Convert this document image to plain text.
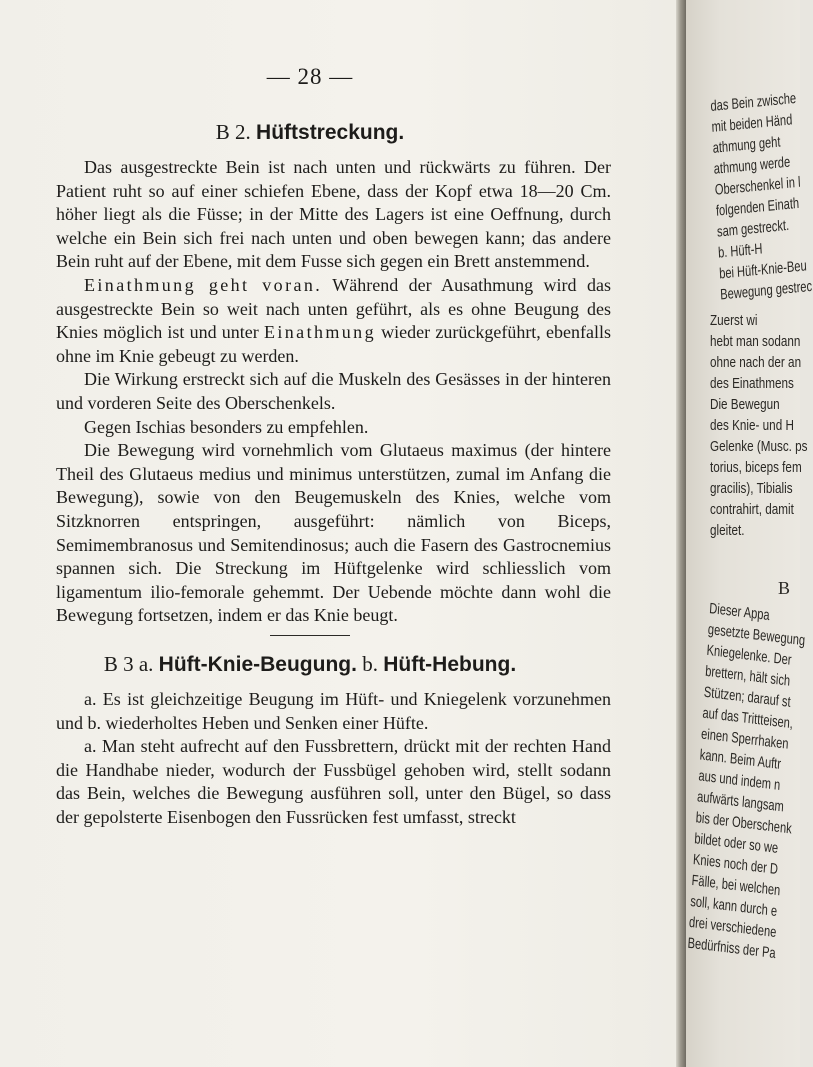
— 28 —
B 2. Hüftstreckung.

Das ausgestreckte Bein ist nach unten und rückwärts zu führen. Der Patient ruht so auf einer schiefen Ebene, dass der Kopf etwa 18—20 Cm. höher liegt als die Füsse; in der Mitte des Lagers ist eine Oeffnung, durch welche ein Bein sich frei nach unten und oben bewegen kann; das andere Bein ruht auf der Ebene, mit dem Fusse sich gegen ein Brett anstemmend.

Einathmung geht voran. Während der Ausathmung wird das ausgestreckte Bein so weit nach unten geführt, als es ohne Beugung des Knies möglich ist und unter Einathmung wieder zurückgeführt, ebenfalls ohne im Knie gebeugt zu werden.

Die Wirkung erstreckt sich auf die Muskeln des Gesässes in der hinteren und vorderen Seite des Oberschenkels.

Gegen Ischias besonders zu empfehlen.

Die Bewegung wird vornehmlich vom Glutaeus maximus (der hintere Theil des Glutaeus medius und minimus unterstützen, zumal im Anfang die Bewegung), sowie von den Beugemuskeln des Knies, welche vom Sitzknorren entspringen, ausgeführt: nämlich von Biceps, Semimembranosus und Semitendinosus; auch die Fasern des Gastrocnemius spannen sich. Die Streckung im Hüftgelenke wird schliesslich vom ligamentum ilio-femorale gehemmt. Der Uebende möchte dann wohl die Bewegung fortsetzen, indem er das Knie beugt.

B 3 a. Hüft-Knie-Beugung. b. Hüft-Hebung.

a. Es ist gleichzeitige Beugung im Hüft- und Kniegelenk vorzunehmen und b. wiederholtes Heben und Senken einer Hüfte.

a. Man steht aufrecht auf den Fussbrettern, drückt mit der rechten Hand die Handhabe nieder, wodurch der Fussbügel gehoben wird, stellt sodann das Bein, welches die Bewegung ausführen soll, unter den Bügel, so dass der gepolsterte Eisenbogen den Fussrücken fest umfasst, streckt

das Bein zwische
mit beiden Händ
athmung geht
athmung werde
Oberschenkel in l
folgenden Einath
sam gestreckt.
b. Hüft-H
bei Hüft-Knie-Beu
Bewegung gestrec
Zuerst wi
hebt man sodann
ohne nach der an
des Einathmens
Die Bewegun
des Knie- und H
Gelenke (Musc. ps
torius, biceps fem
gracilis), Tibialis
contrahirt, damit
gleitet.
B
Dieser Appa
gesetzte Bewegung
Kniegelenke. Der
brettern, hält sich
Stützen; darauf st
auf das Trittteisen,
einen Sperrhaken
kann. Beim Auftr
aus und indem n
aufwärts langsam
bis der Oberschenk
bildet oder so we
Knies noch der D
Fälle, bei welchen
soll, kann durch e
drei verschiedene
Bedürfniss der Pa
